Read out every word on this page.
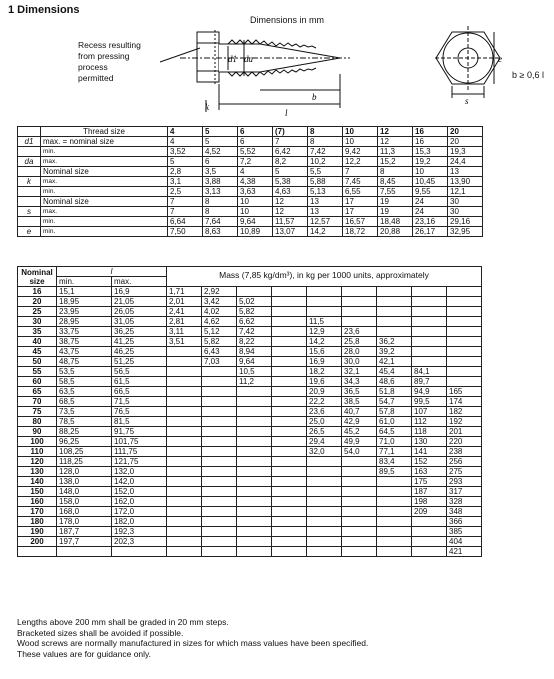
1 Dimensions
Dimensions in mm
Recess resulting
from pressing
process
permitted	b ≥ 0,6 l
d1 da
k
b
l
e
s
	Thread size	4	5	6	(7)	8	10	12	16	20
d1	max. = nominal size	4	5	6	7	8	10	12	16	20
	min.	3,52	4,52	5,52	6,42	7,42	9,42	11,3	15,3	19,3
da	max.	5	6	7,2	8,2	10,2	12,2	15,2	19,2	24,4
	Nominal size	2,8	3,5	4	5	5,5	7	8	10	13
k	max.	3,1	3,88	4,38	5,38	5,88	7,45	8,45	10,45	13,90
	min.	2,5	3,13	3,63	4,63	5,13	6,55	7,55	9,55	12,1
	Nominal size	7	8	10	12	13	17	19	24	30
s	max.	7	8	10	12	13	17	19	24	30
	min.	6,64	7,64	9,64	11,57	12,57	16,57	18,48	23,16	29,16
e	min.	7,50	8,63	10,89	13,07	14,2	18,72	20,88	26,17	32,95
Nominal size	l		Mass (7,85 kg/dm³), in kg per 1000 units, approximately								
	min.	max.									
16	15,1	16,9	1,71	2,92							
20	18,95	21,05	2,01	3,42	5,02						
25	23,95	26,05	2,41	4,02	5,82						
30	28,95	31,05	2,81	4,62	6,62		11,5				
35	33,75	36,25	3,11	5,12	7,42		12,9	23,6			
40	38,75	41,25	3,51	5,82	8,22		14,2	25,8	36,2		
45	43,75	46,25		6,43	8,94		15,6	28,0	39,2		
50	48,75	51,25		7,03	9,64		16,9	30,0	42,1		
55	53,5	56,5			10,5		18,2	32,1	45,4	84,1	
60	58,5	61,5			11,2		19,6	34,3	48,6	89,7	
65	63,5	66,5					20,9	36,5	51,8	94,9	165
70	68,5	71,5					22,2	38,5	54,7	99,5	174
75	73,5	76,5					23,6	40,7	57,8	107	182
80	78,5	81,5					25,0	42,9	61,0	112	192
90	88,25	91,75					26,5	45,2	64,5	118	201
100	96,25	101,75					29,4	49,9	71,0	130	220
110	108,25	111,75					32,0	54,0	77,1	141	238
120	118,25	121,75							83,4	152	256
130	128,0	132,0							89,5	163	275
140	138,0	142,0								175	293
150	148,0	152,0								187	317
160	158,0	162,0								198	328
170	168,0	172,0								209	348
180	178,0	182,0									366
190	187,7	192,3									385
200	197,7	202,3									404
											421
Lengths above 200 mm shall be graded in 20 mm steps.
Bracketed sizes shall be avoided if possible.
Wood screws are normally manufactured in sizes for which mass values have been specified.
These values are for guidance only.
